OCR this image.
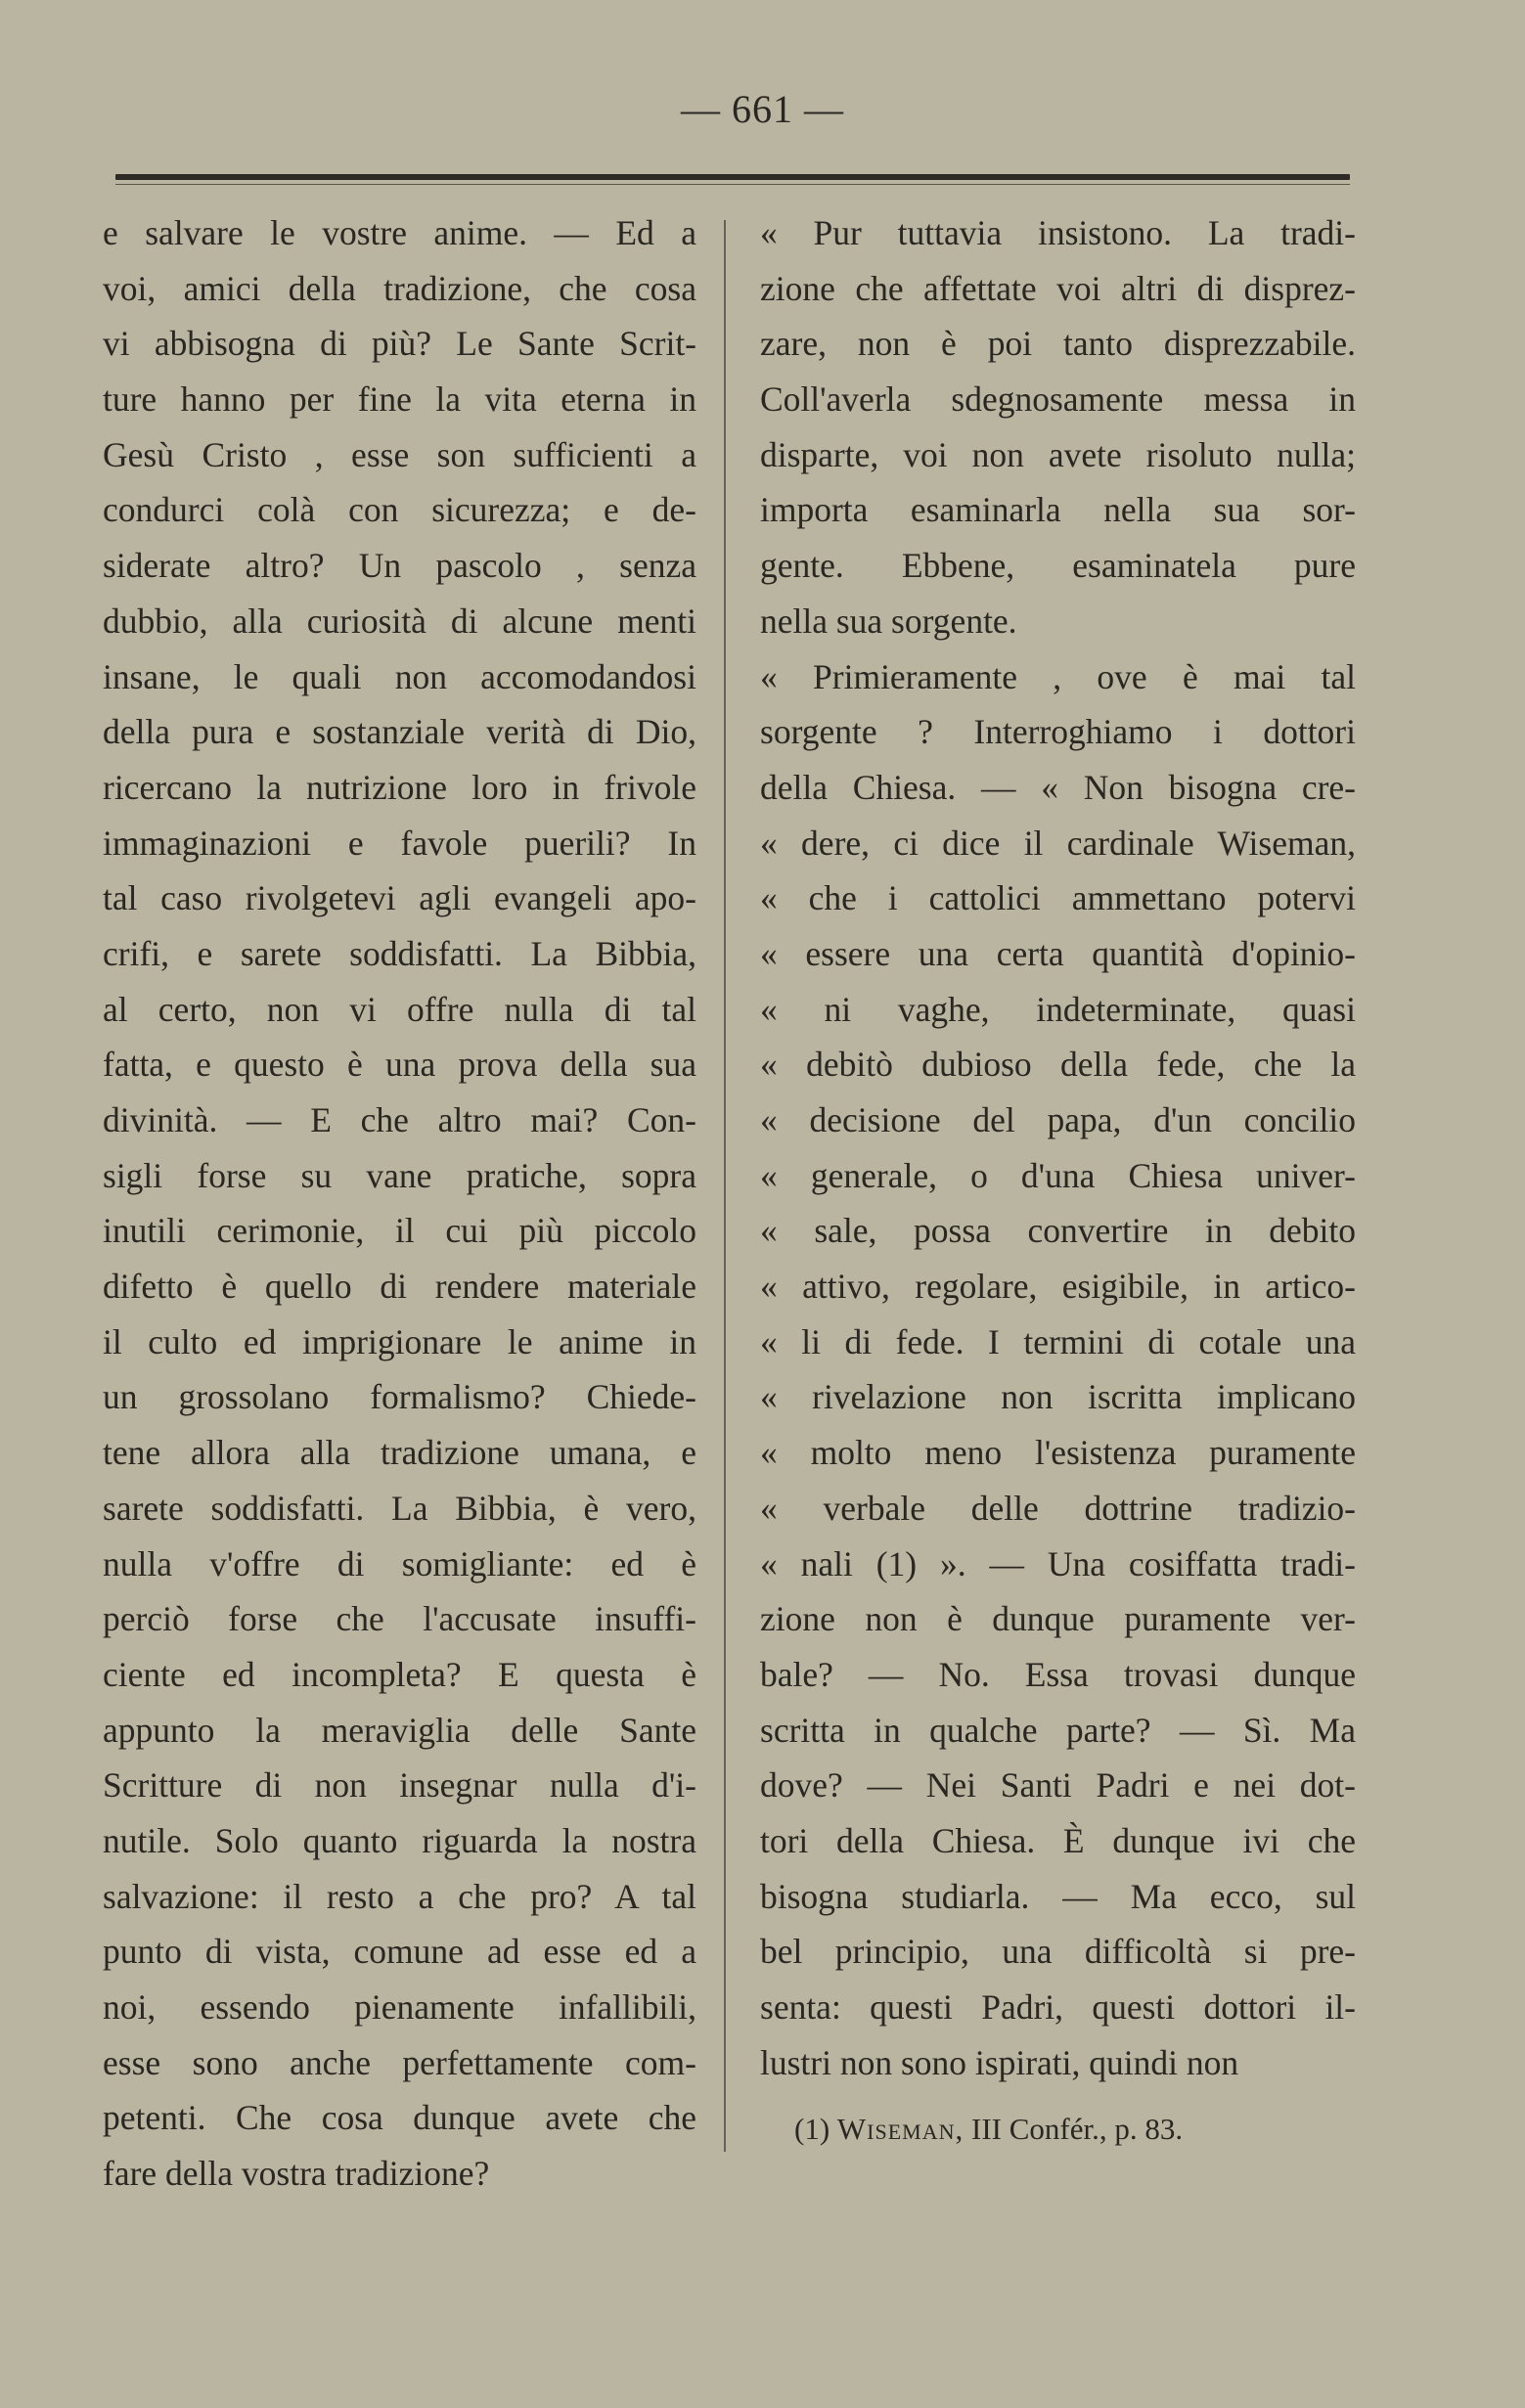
— 661 —
e salvare le vostre anime. — Ed a
voi, amici della tradizione, che cosa
vi abbisogna di più? Le Sante Scrit-
ture hanno per fine la vita eterna in
Gesù Cristo , esse son sufficienti a
condurci colà con sicurezza; e de-
siderate altro? Un pascolo , senza
dubbio, alla curiosità di alcune menti
insane, le quali non accomodandosi
della pura e sostanziale verità di Dio,
ricercano la nutrizione loro in frivole
immaginazioni e favole puerili? In
tal caso rivolgetevi agli evangeli apo-
crifi, e sarete soddisfatti. La Bibbia,
al certo, non vi offre nulla di tal
fatta, e questo è una prova della sua
divinità. — E che altro mai? Con-
sigli forse su vane pratiche, sopra
inutili cerimonie, il cui più piccolo
difetto è quello di rendere materiale
il culto ed imprigionare le anime in
un grossolano formalismo? Chiede-
tene allora alla tradizione umana, e
sarete soddisfatti. La Bibbia, è vero,
nulla v'offre di somigliante: ed è
perciò forse che l'accusate insuffi-
ciente ed incompleta? E questa è
appunto la meraviglia delle Sante
Scritture di non insegnar nulla d'i-
nutile. Solo quanto riguarda la nostra
salvazione: il resto a che pro? A tal
punto di vista, comune ad esse ed a
noi, essendo pienamente infallibili,
esse sono anche perfettamente com-
petenti. Che cosa dunque avete che
fare della vostra tradizione?
« Pur tuttavia insistono. La tradi-
zione che affettate voi altri di disprez-
zare, non è poi tanto disprezzabile.
Coll'averla sdegnosamente messa in
disparte, voi non avete risoluto nulla;
importa esaminarla nella sua sor-
gente. Ebbene, esaminatela pure
nella sua sorgente.
« Primieramente , ove è mai tal
sorgente ? Interroghiamo i dottori
della Chiesa. — « Non bisogna cre-
« dere, ci dice il cardinale Wiseman,
« che i cattolici ammettano potervi
« essere una certa quantità d'opinio-
« ni vaghe, indeterminate, quasi
« debitò dubioso della fede, che la
« decisione del papa, d'un concilio
« generale, o d'una Chiesa univer-
« sale, possa convertire in debito
« attivo, regolare, esigibile, in artico-
« li di fede. I termini di cotale una
« rivelazione non iscritta implicano
« molto meno l'esistenza puramente
« verbale delle dottrine tradizio-
« nali (1) ». — Una cosiffatta tradi-
zione non è dunque puramente ver-
bale? — No. Essa trovasi dunque
scritta in qualche parte? — Sì. Ma
dove? — Nei Santi Padri e nei dot-
tori della Chiesa. È dunque ivi che
bisogna studiarla. — Ma ecco, sul
bel principio, una difficoltà si pre-
senta: questi Padri, questi dottori il-
lustri non sono ispirati, quindi non
(1) Wiseman, III Confér., p. 83.
